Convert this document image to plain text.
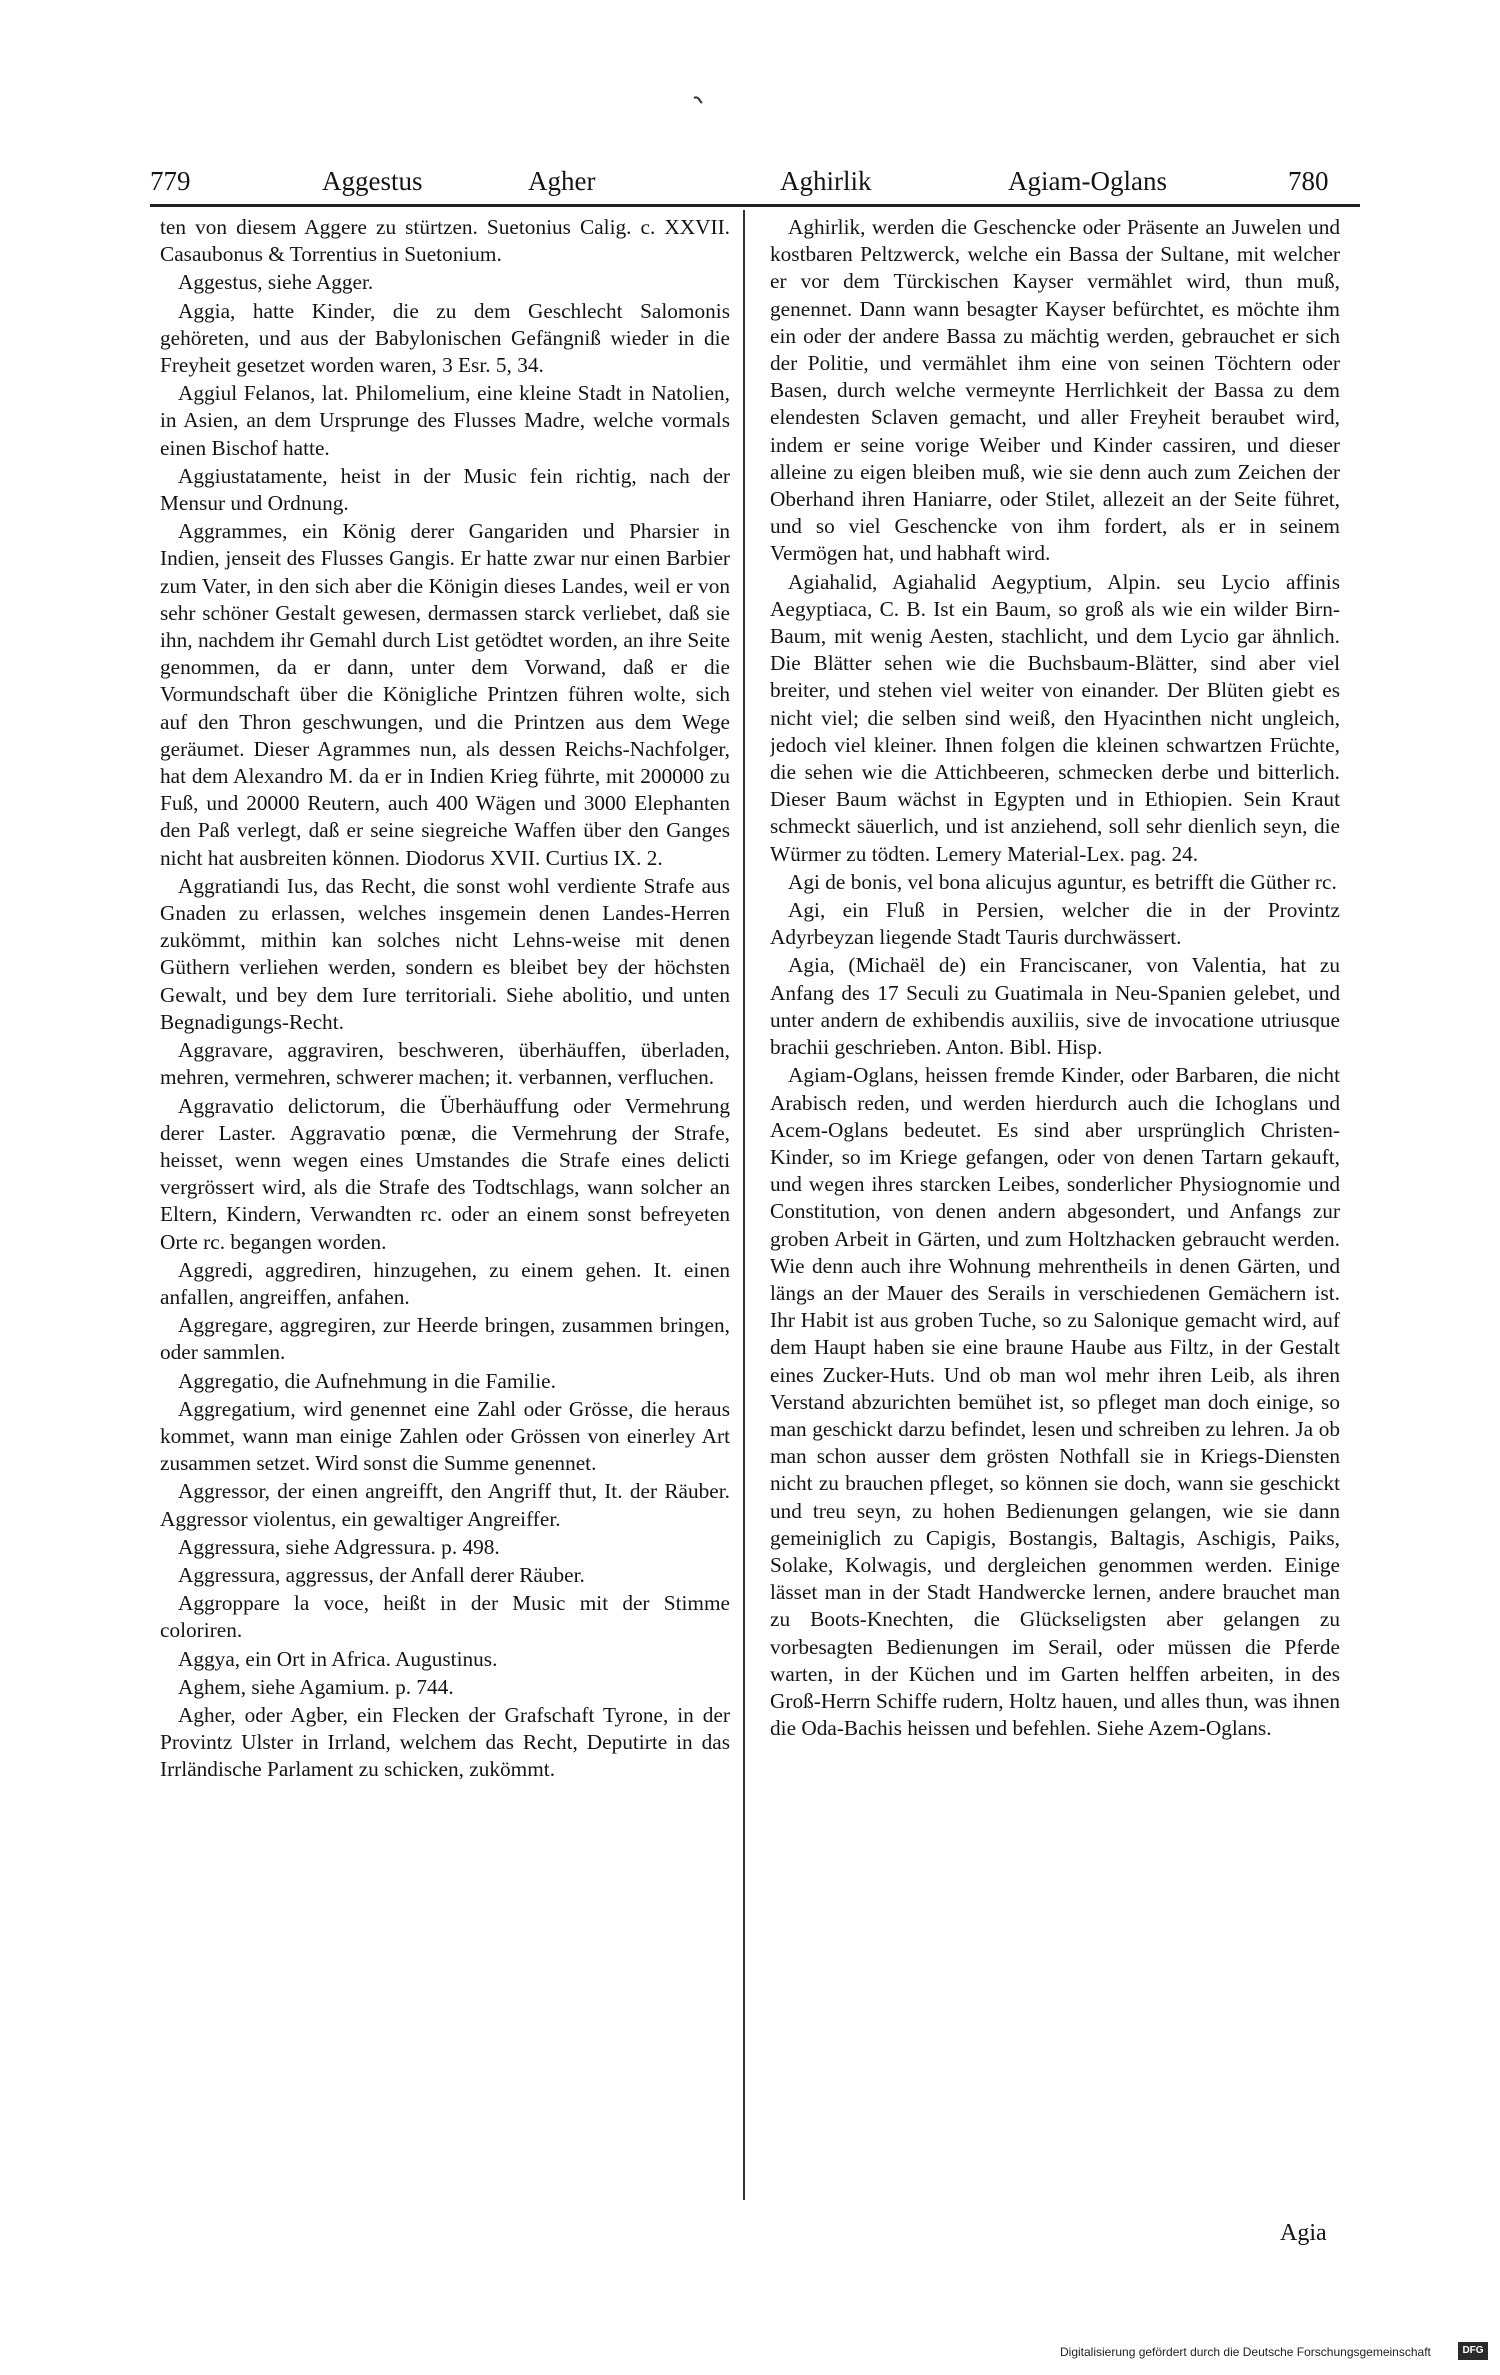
779	Aggestus	Agher	Aghirlik	Agiam-Oglans	780

ten von diesem Aggere zu stürtzen. Suetonius Calig. c. XXVII. Casaubonus & Torrentius in Suetonium.

Aggestus, siehe Agger.

Aggia, hatte Kinder, die zu dem Geschlecht Salomonis gehöreten, und aus der Babylonischen Gefängniß wieder in die Freyheit gesetzet worden waren, 3 Esr. 5, 34.

Aggiul Felanos, lat. Philomelium, eine kleine Stadt in Natolien, in Asien, an dem Ursprunge des Flusses Madre, welche vormals einen Bischof hatte.

Aggiustatamente, heist in der Music fein richtig, nach der Mensur und Ordnung.

Aggrammes, ein König derer Gangariden und Pharsier in Indien, jenseit des Flusses Gangis. Er hatte zwar nur einen Barbier zum Vater, in den sich aber die Königin dieses Landes, weil er von sehr schöner Gestalt gewesen, dermassen starck verliebet, daß sie ihn, nachdem ihr Gemahl durch List getödtet worden, an ihre Seite genommen, da er dann, unter dem Vorwand, daß er die Vormundschaft über die Königliche Printzen führen wolte, sich auf den Thron geschwungen, und die Printzen aus dem Wege geräumet. Dieser Agrammes nun, als dessen Reichs-Nachfolger, hat dem Alexandro M. da er in Indien Krieg führte, mit 200000 zu Fuß, und 20000 Reutern, auch 400 Wägen und 3000 Elephanten den Paß verlegt, daß er seine siegreiche Waffen über den Ganges nicht hat ausbreiten können. Diodorus XVII. Curtius IX. 2.

Aggratiandi Ius, das Recht, die sonst wohl verdiente Strafe aus Gnaden zu erlassen, welches insgemein denen Landes-Herren zukömmt, mithin kan solches nicht Lehns-weise mit denen Güthern verliehen werden, sondern es bleibet bey der höchsten Gewalt, und bey dem Iure territoriali. Siehe abolitio, und unten Begnadigungs-Recht.

Aggravare, aggraviren, beschweren, überhäuffen, überladen, mehren, vermehren, schwerer machen; it. verbannen, verfluchen.

Aggravatio delictorum, die Überhäuffung oder Vermehrung derer Laster. Aggravatio pœnæ, die Vermehrung der Strafe, heisset, wenn wegen eines Umstandes die Strafe eines delicti vergrössert wird, als die Strafe des Todtschlags, wann solcher an Eltern, Kindern, Verwandten rc. oder an einem sonst befreyeten Orte rc. begangen worden.

Aggredi, aggrediren, hinzugehen, zu einem gehen. It. einen anfallen, angreiffen, anfahen.

Aggregare, aggregiren, zur Heerde bringen, zusammen bringen, oder sammlen.

Aggregatio, die Aufnehmung in die Familie.

Aggregatium, wird genennet eine Zahl oder Grösse, die heraus kommet, wann man einige Zahlen oder Grössen von einerley Art zusammen setzet. Wird sonst die Summe genennet.

Aggressor, der einen angreifft, den Angriff thut, It. der Räuber. Aggressor violentus, ein gewaltiger Angreiffer.

Aggressura, siehe Adgressura. p. 498.

Aggressura, aggressus, der Anfall derer Räuber.

Aggroppare la voce, heißt in der Music mit der Stimme coloriren.

Aggya, ein Ort in Africa. Augustinus.

Aghem, siehe Agamium. p. 744.

Agher, oder Agber, ein Flecken der Grafschaft Tyrone, in der Provintz Ulster in Irrland, welchem das Recht, Deputirte in das Irrländische Parlament zu schicken, zukömmt.

Aghirlik, werden die Geschencke oder Präsente an Juwelen und kostbaren Peltzwerck, welche ein Bassa der Sultane, mit welcher er vor dem Türckischen Kayser vermählet wird, thun muß, genennet. Dann wann besagter Kayser befürchtet, es möchte ihm ein oder der andere Bassa zu mächtig werden, gebrauchet er sich der Politie, und vermählet ihm eine von seinen Töchtern oder Basen, durch welche vermeynte Herrlichkeit der Bassa zu dem elendesten Sclaven gemacht, und aller Freyheit beraubet wird, indem er seine vorige Weiber und Kinder cassiren, und dieser alleine zu eigen bleiben muß, wie sie denn auch zum Zeichen der Oberhand ihren Haniarre, oder Stilet, allezeit an der Seite führet, und so viel Geschencke von ihm fordert, als er in seinem Vermögen hat, und habhaft wird.

Agiahalid, Agiahalid Aegyptium, Alpin. seu Lycio affinis Aegyptiaca, C. B. Ist ein Baum, so groß als wie ein wilder Birn-Baum, mit wenig Aesten, stachlicht, und dem Lycio gar ähnlich. Die Blätter sehen wie die Buchsbaum-Blätter, sind aber viel breiter, und stehen viel weiter von einander. Der Blüten giebt es nicht viel; die selben sind weiß, den Hyacinthen nicht ungleich, jedoch viel kleiner. Ihnen folgen die kleinen schwartzen Früchte, die sehen wie die Attichbeeren, schmecken derbe und bitterlich. Dieser Baum wächst in Egypten und in Ethiopien. Sein Kraut schmeckt säuerlich, und ist anziehend, soll sehr dienlich seyn, die Würmer zu tödten. Lemery Material-Lex. pag. 24.

Agi de bonis, vel bona alicujus aguntur, es betrifft die Güther rc.

Agi, ein Fluß in Persien, welcher die in der Provintz Adyrbeyzan liegende Stadt Tauris durchwässert.

Agia, (Michaël de) ein Franciscaner, von Valentia, hat zu Anfang des 17 Seculi zu Guatimala in Neu-Spanien gelebet, und unter andern de exhibendis auxiliis, sive de invocatione utriusque brachii geschrieben. Anton. Bibl. Hisp.

Agiam-Oglans, heissen fremde Kinder, oder Barbaren, die nicht Arabisch reden, und werden hierdurch auch die Ichoglans und Acem-Oglans bedeutet. Es sind aber ursprünglich Christen-Kinder, so im Kriege gefangen, oder von denen Tartarn gekauft, und wegen ihres starcken Leibes, sonderlicher Physiognomie und Constitution, von denen andern abgesondert, und Anfangs zur groben Arbeit in Gärten, und zum Holtzhacken gebraucht werden. Wie denn auch ihre Wohnung mehrentheils in denen Gärten, und längs an der Mauer des Serails in verschiedenen Gemächern ist. Ihr Habit ist aus groben Tuche, so zu Salonique gemacht wird, auf dem Haupt haben sie eine braune Haube aus Filtz, in der Gestalt eines Zucker-Huts. Und ob man wol mehr ihren Leib, als ihren Verstand abzurichten bemühet ist, so pfleget man doch einige, so man geschickt darzu befindet, lesen und schreiben zu lehren. Ja ob man schon ausser dem grösten Nothfall sie in Kriegs-Diensten nicht zu brauchen pfleget, so können sie doch, wann sie geschickt und treu seyn, zu hohen Bedienungen gelangen, wie sie dann gemeiniglich zu Capigis, Bostangis, Baltagis, Aschigis, Paiks, Solake, Kolwagis, und dergleichen genommen werden. Einige lässet man in der Stadt Handwercke lernen, andere brauchet man zu Boots-Knechten, die Glückseligsten aber gelangen zu vorbesagten Bedienungen im Serail, oder müssen die Pferde warten, in der Küchen und im Garten helffen arbeiten, in des Groß-Herrn Schiffe rudern, Holtz hauen, und alles thun, was ihnen die Oda-Bachis heissen und befehlen. Siehe Azem-Oglans.

Agia
Digitalisierung gefördert durch die Deutsche Forschungsgemeinschaft	DFG
